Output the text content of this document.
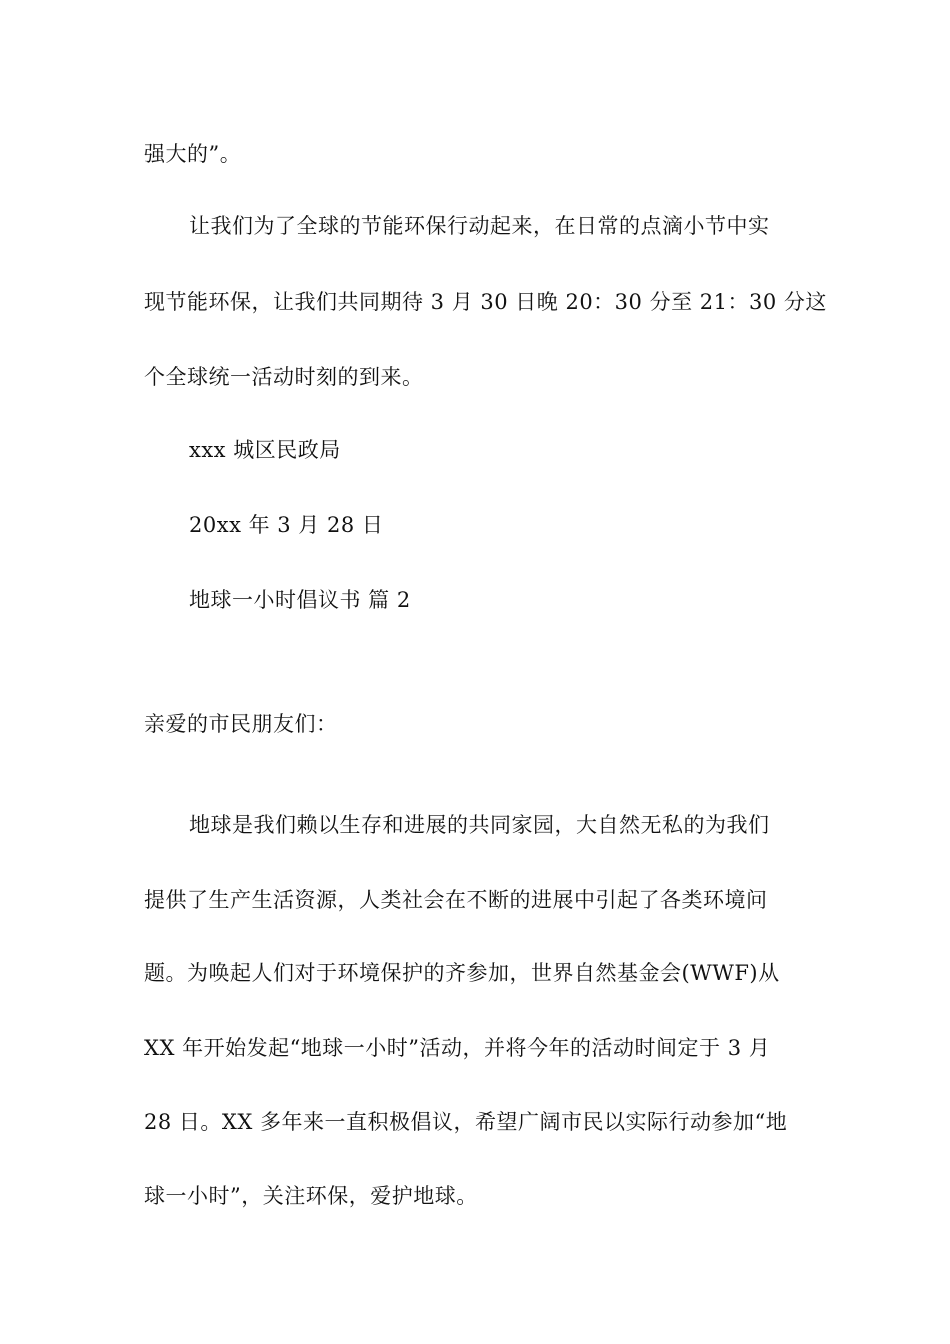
强大的”。
让我们为了全球的节能环保行动起来，在日常的点滴小节中实
现节能环保，让我们共同期待 3 月 30 日晚 20：30 分至 21：30 分这
个全球统一活动时刻的到来。
xxx 城区民政局
20xx 年 3 月 28 日
地球一小时倡议书 篇 2
亲爱的市民朋友们：
地球是我们赖以生存和进展的共同家园，大自然无私的为我们
提供了生产生活资源，人类社会在不断的进展中引起了各类环境问
题。为唤起人们对于环境保护的齐参加，世界自然基金会(WWF)从
XX 年开始发起“地球一小时”活动，并将今年的活动时间定于 3 月
28 日。XX 多年来一直积极倡议，希望广阔市民以实际行动参加“地
球一小时”，关注环保，爱护地球。
